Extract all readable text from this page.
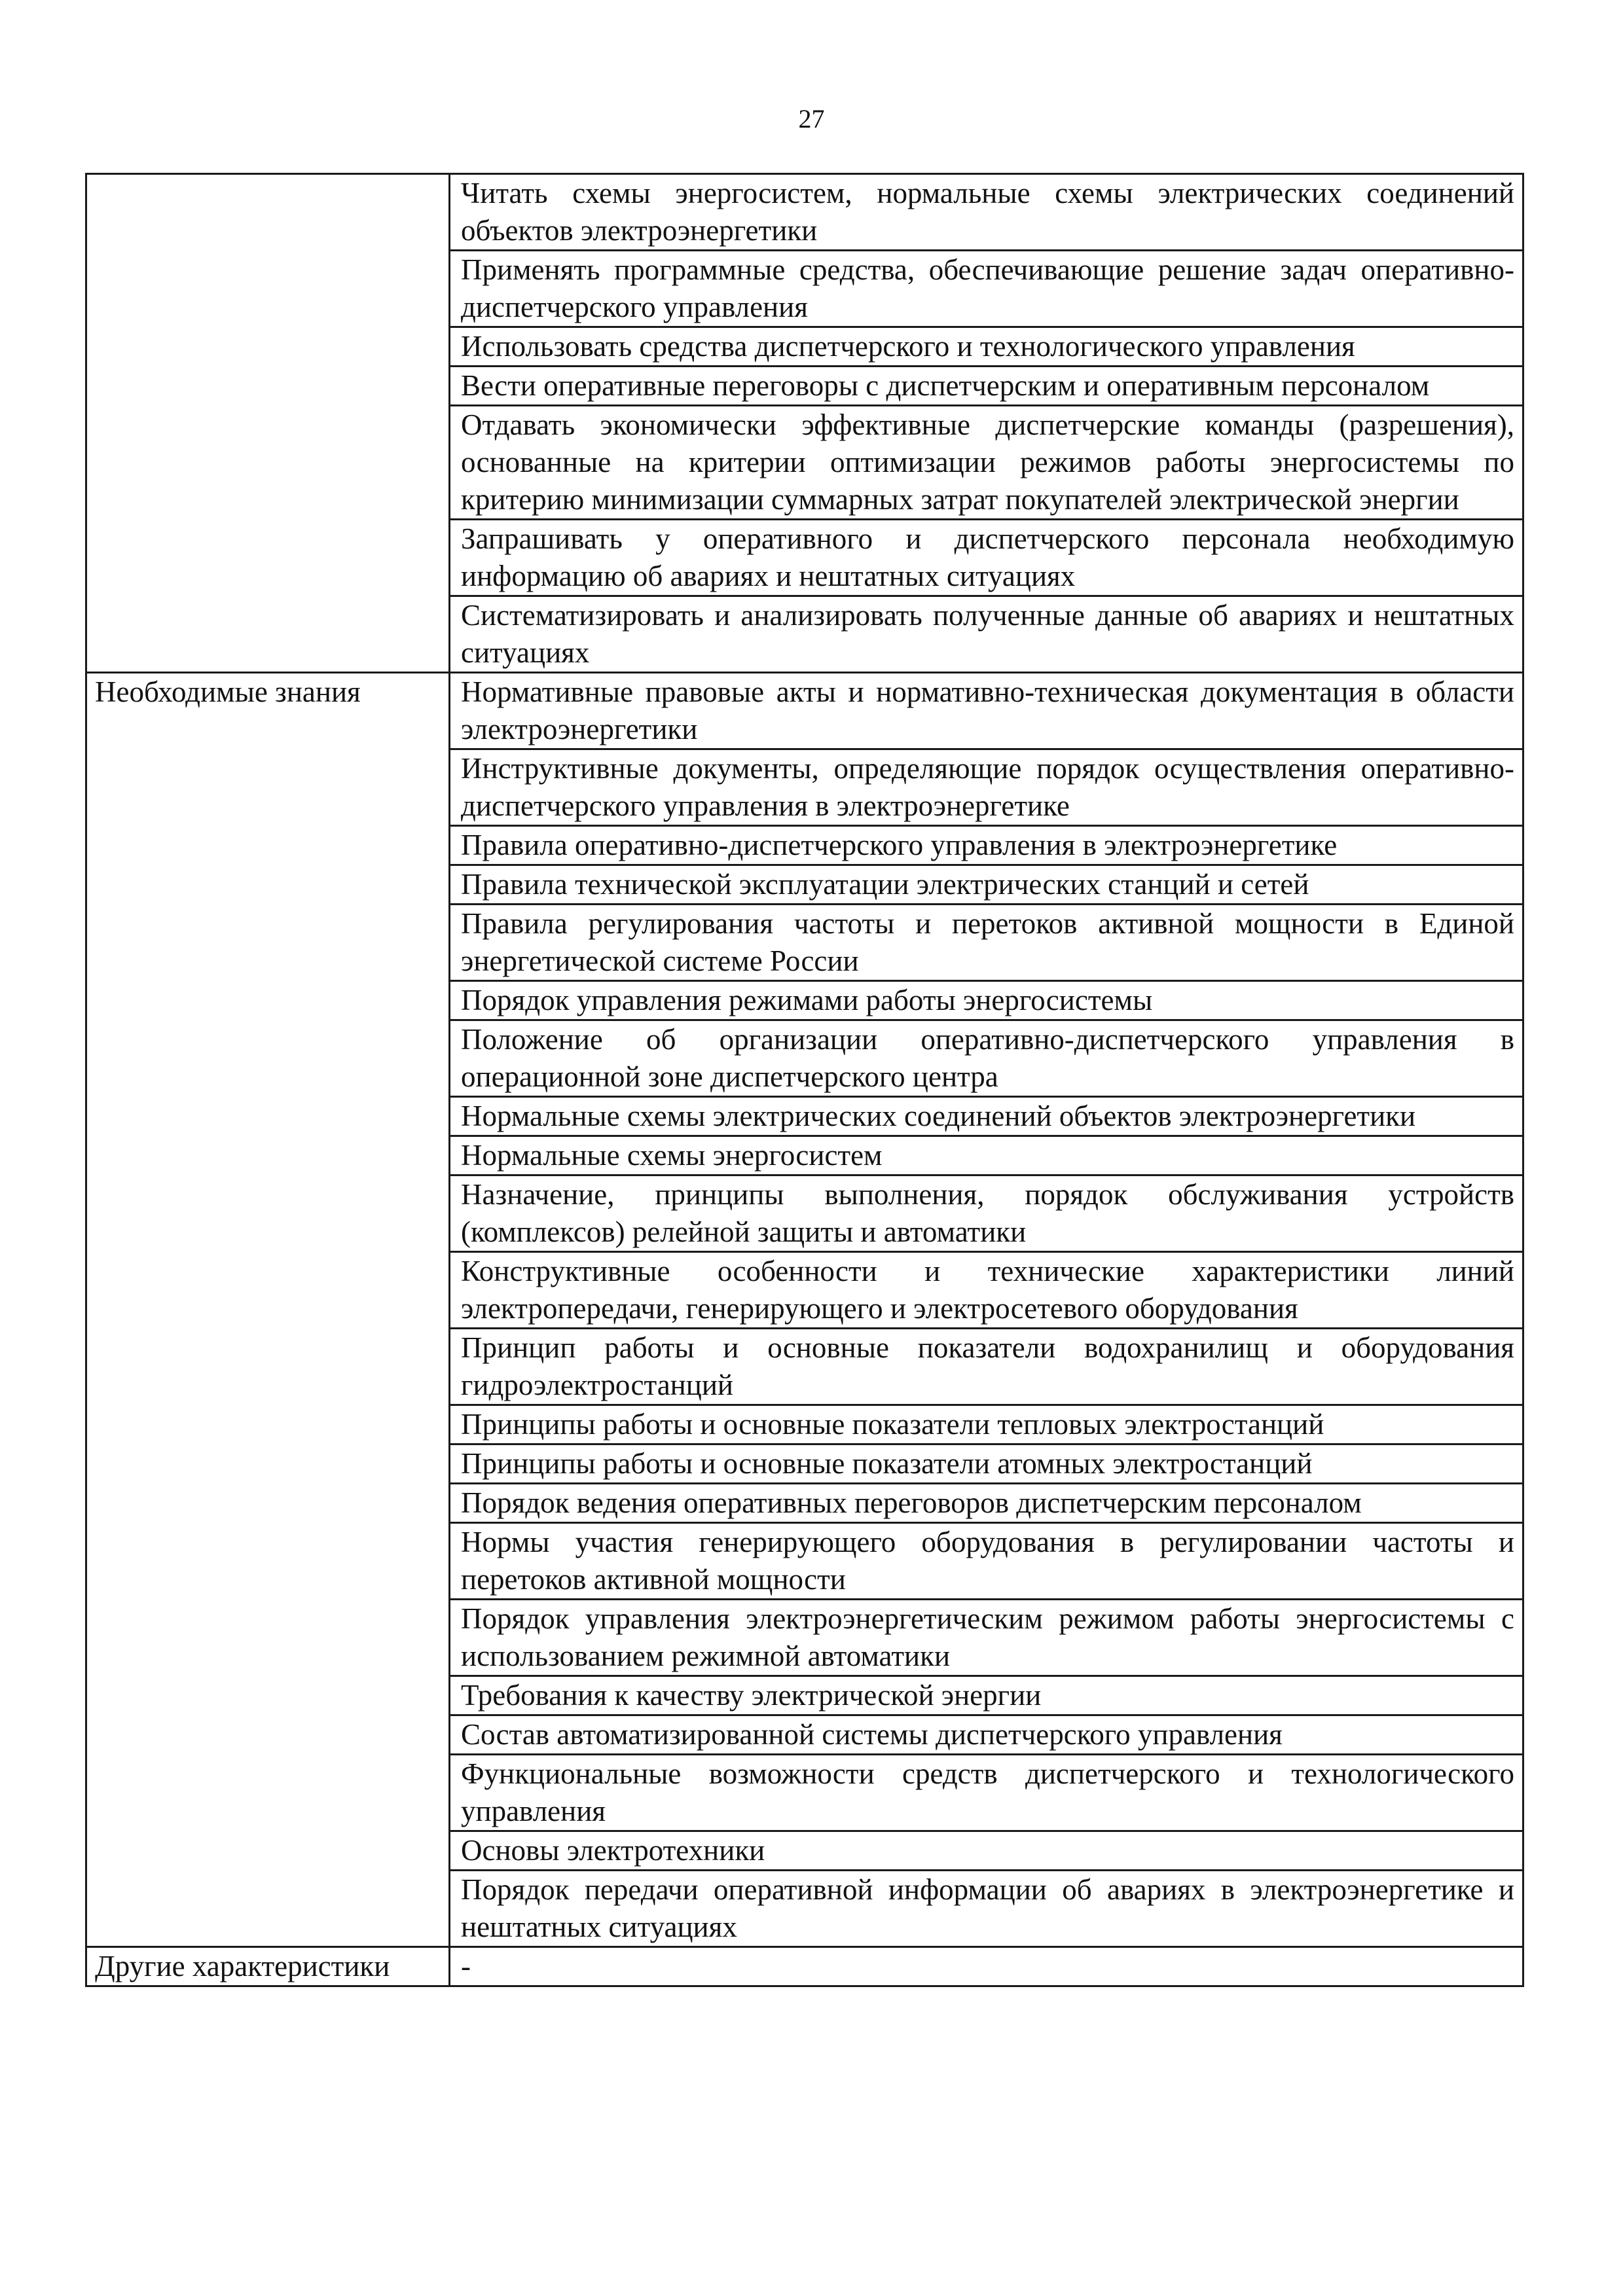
27
	Читать схемы энергосистем, нормальные схемы электрических соединений объектов электроэнергетики
	Применять программные средства, обеспечивающие решение задач оперативно-диспетчерского управления
	Использовать средства диспетчерского и технологического управления
	Вести оперативные переговоры с диспетчерским и оперативным персоналом
	Отдавать экономически эффективные диспетчерские команды (разрешения), основанные на критерии оптимизации режимов работы энергосистемы по критерию минимизации суммарных затрат покупателей электрической энергии
	Запрашивать у оперативного и диспетчерского персонала необходимую информацию об авариях и нештатных ситуациях
	Систематизировать и анализировать полученные данные об авариях и нештатных ситуациях
Необходимые знания	Нормативные правовые акты и нормативно-техническая документация в области электроэнергетики
	Инструктивные документы, определяющие порядок осуществления оперативно-диспетчерского управления в электроэнергетике
	Правила оперативно-диспетчерского управления в электроэнергетике
	Правила технической эксплуатации электрических станций и сетей
	Правила регулирования частоты и перетоков активной мощности в Единой энергетической системе России
	Порядок управления режимами работы энергосистемы
	Положение об организации оперативно-диспетчерского управления в операционной зоне диспетчерского центра
	Нормальные схемы электрических соединений объектов электроэнергетики
	Нормальные схемы энергосистем
	Назначение, принципы выполнения, порядок обслуживания устройств (комплексов) релейной защиты и автоматики
	Конструктивные особенности и технические характеристики линий электропередачи, генерирующего и электросетевого оборудования
	Принцип работы и основные показатели водохранилищ и оборудования гидроэлектростанций
	Принципы работы и основные показатели тепловых электростанций
	Принципы работы и основные показатели атомных электростанций
	Порядок ведения оперативных переговоров диспетчерским персоналом
	Нормы участия генерирующего оборудования в регулировании частоты и перетоков активной мощности
	Порядок управления электроэнергетическим режимом работы энергосистемы с использованием режимной автоматики
	Требования к качеству электрической энергии
	Состав автоматизированной системы диспетчерского управления
	Функциональные возможности средств диспетчерского и технологического управления
	Основы электротехники
	Порядок передачи оперативной информации об авариях в электроэнергетике и нештатных ситуациях
Другие характеристики	-
